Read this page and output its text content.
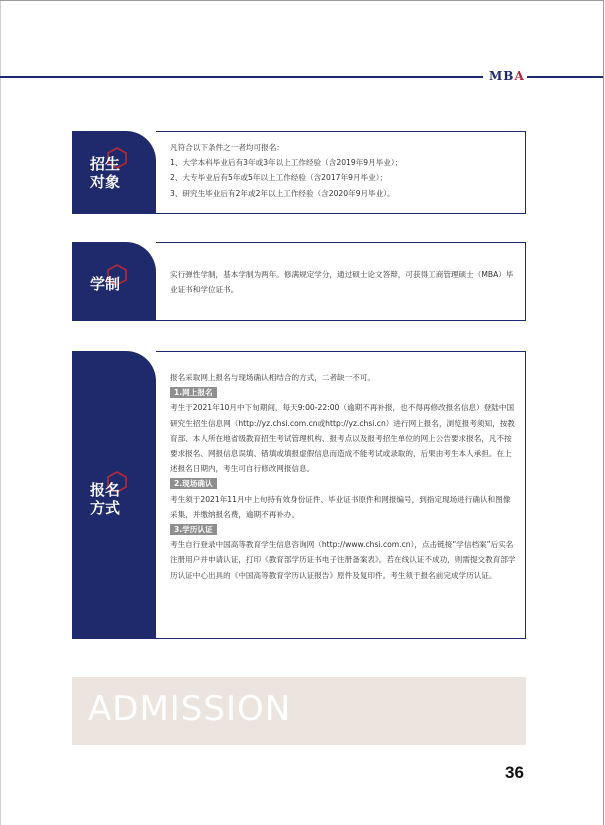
MBA
招生
对象

凡符合以下条件之一者均可报名：

1、大学本科毕业后有3年或3年以上工作经验（含2019年9月毕业）；

2、大专毕业后有5年或5年以上工作经验（含2017年9月毕业）；

3、研究生毕业后有2年或2年以上工作经验（含2020年9月毕业）。

学制
实行弹性学制，基本学制为两年。修满规定学分，通过硕士论文答辩，可获得工商管理硕士（MBA）毕业证书和学位证书。
报名
方式

报名采取网上报名与现场确认相结合的方式，二者缺一不可。

1.网上报名

考生于2021年10月中下旬期间，每天9:00-22:00（逾期不再补报，也不得再修改报名信息）登陆中国研究生招生信息网（http://yz.chsi.com.cn或http://yz.chsi.cn）进行网上报名，浏览报考须知，按教育部、本人所在地省级教育招生考试管理机构、报考点以及报考招生单位的网上公告要求报名，凡不按要求报名、网报信息误填、错填或填报虚假信息而造成不能考试或录取的，后果由考生本人承担。在上述报名日期内，考生可自行修改网报信息。

2.现场确认

考生须于2021年11月中上旬持有效身份证件、毕业证书原件和网报编号，到指定现场进行确认和图像采集，并缴纳报名费，逾期不再补办。

3.学历认证

考生自行登录中国高等教育学生信息咨询网（http://www.chsi.com.cn），点击链接“学信档案”后实名注册用户并申请认证，打印《教育部学历证书电子注册备案表》。若在线认证不成功，则需提交教育部学历认证中心出具的《中国高等教育学历认证报告》原件及复印件。考生须于报名前完成学历认证。

ADMISSION
36
